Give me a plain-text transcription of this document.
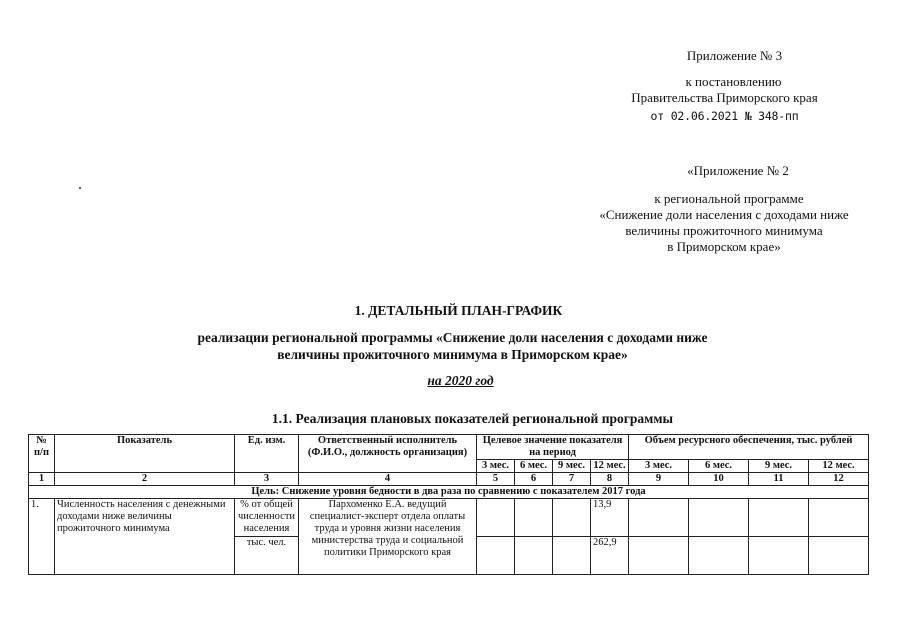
Приложение № 3
к постановлению
Правительства Приморского края
от 02.06.2021 № 348-пп
«Приложение № 2
к региональной программе
«Снижение доли населения с доходами ниже
величины прожиточного минимума
в Приморском крае»
1. ДЕТАЛЬНЫЙ ПЛАН-ГРАФИК
реализации региональной программы «Снижение доли населения с доходами ниже
величины прожиточного минимума в Приморском крае»
на 2020 год
1.1. Реализация плановых показателей региональной программы
№ п/п	Показатель	Ед. изм.	Ответственный исполнитель (Ф.И.О., должность организация)	Целевое значение показателя на период				Объем ресурсного обеспечения, тыс. рублей			
				3 мес.	6 мес.	9 мес.	12 мес.	3 мес.	6 мес.	9 мес.	12 мес.
1	2	3	4	5	6	7	8	9	10	11	12
Цель: Снижение уровня бедности в два раза по сравнению с показателем 2017 года											
1.	Численность населения с денежными доходами ниже величины прожиточного минимума	% от общей численности населения	Пархоменко Е.А. ведущий специалист-эксперт отдела оплаты труда и уровня жизни населения министерства труда и социальной политики Приморского края				13,9				
		тыс. чел.					262,9				
